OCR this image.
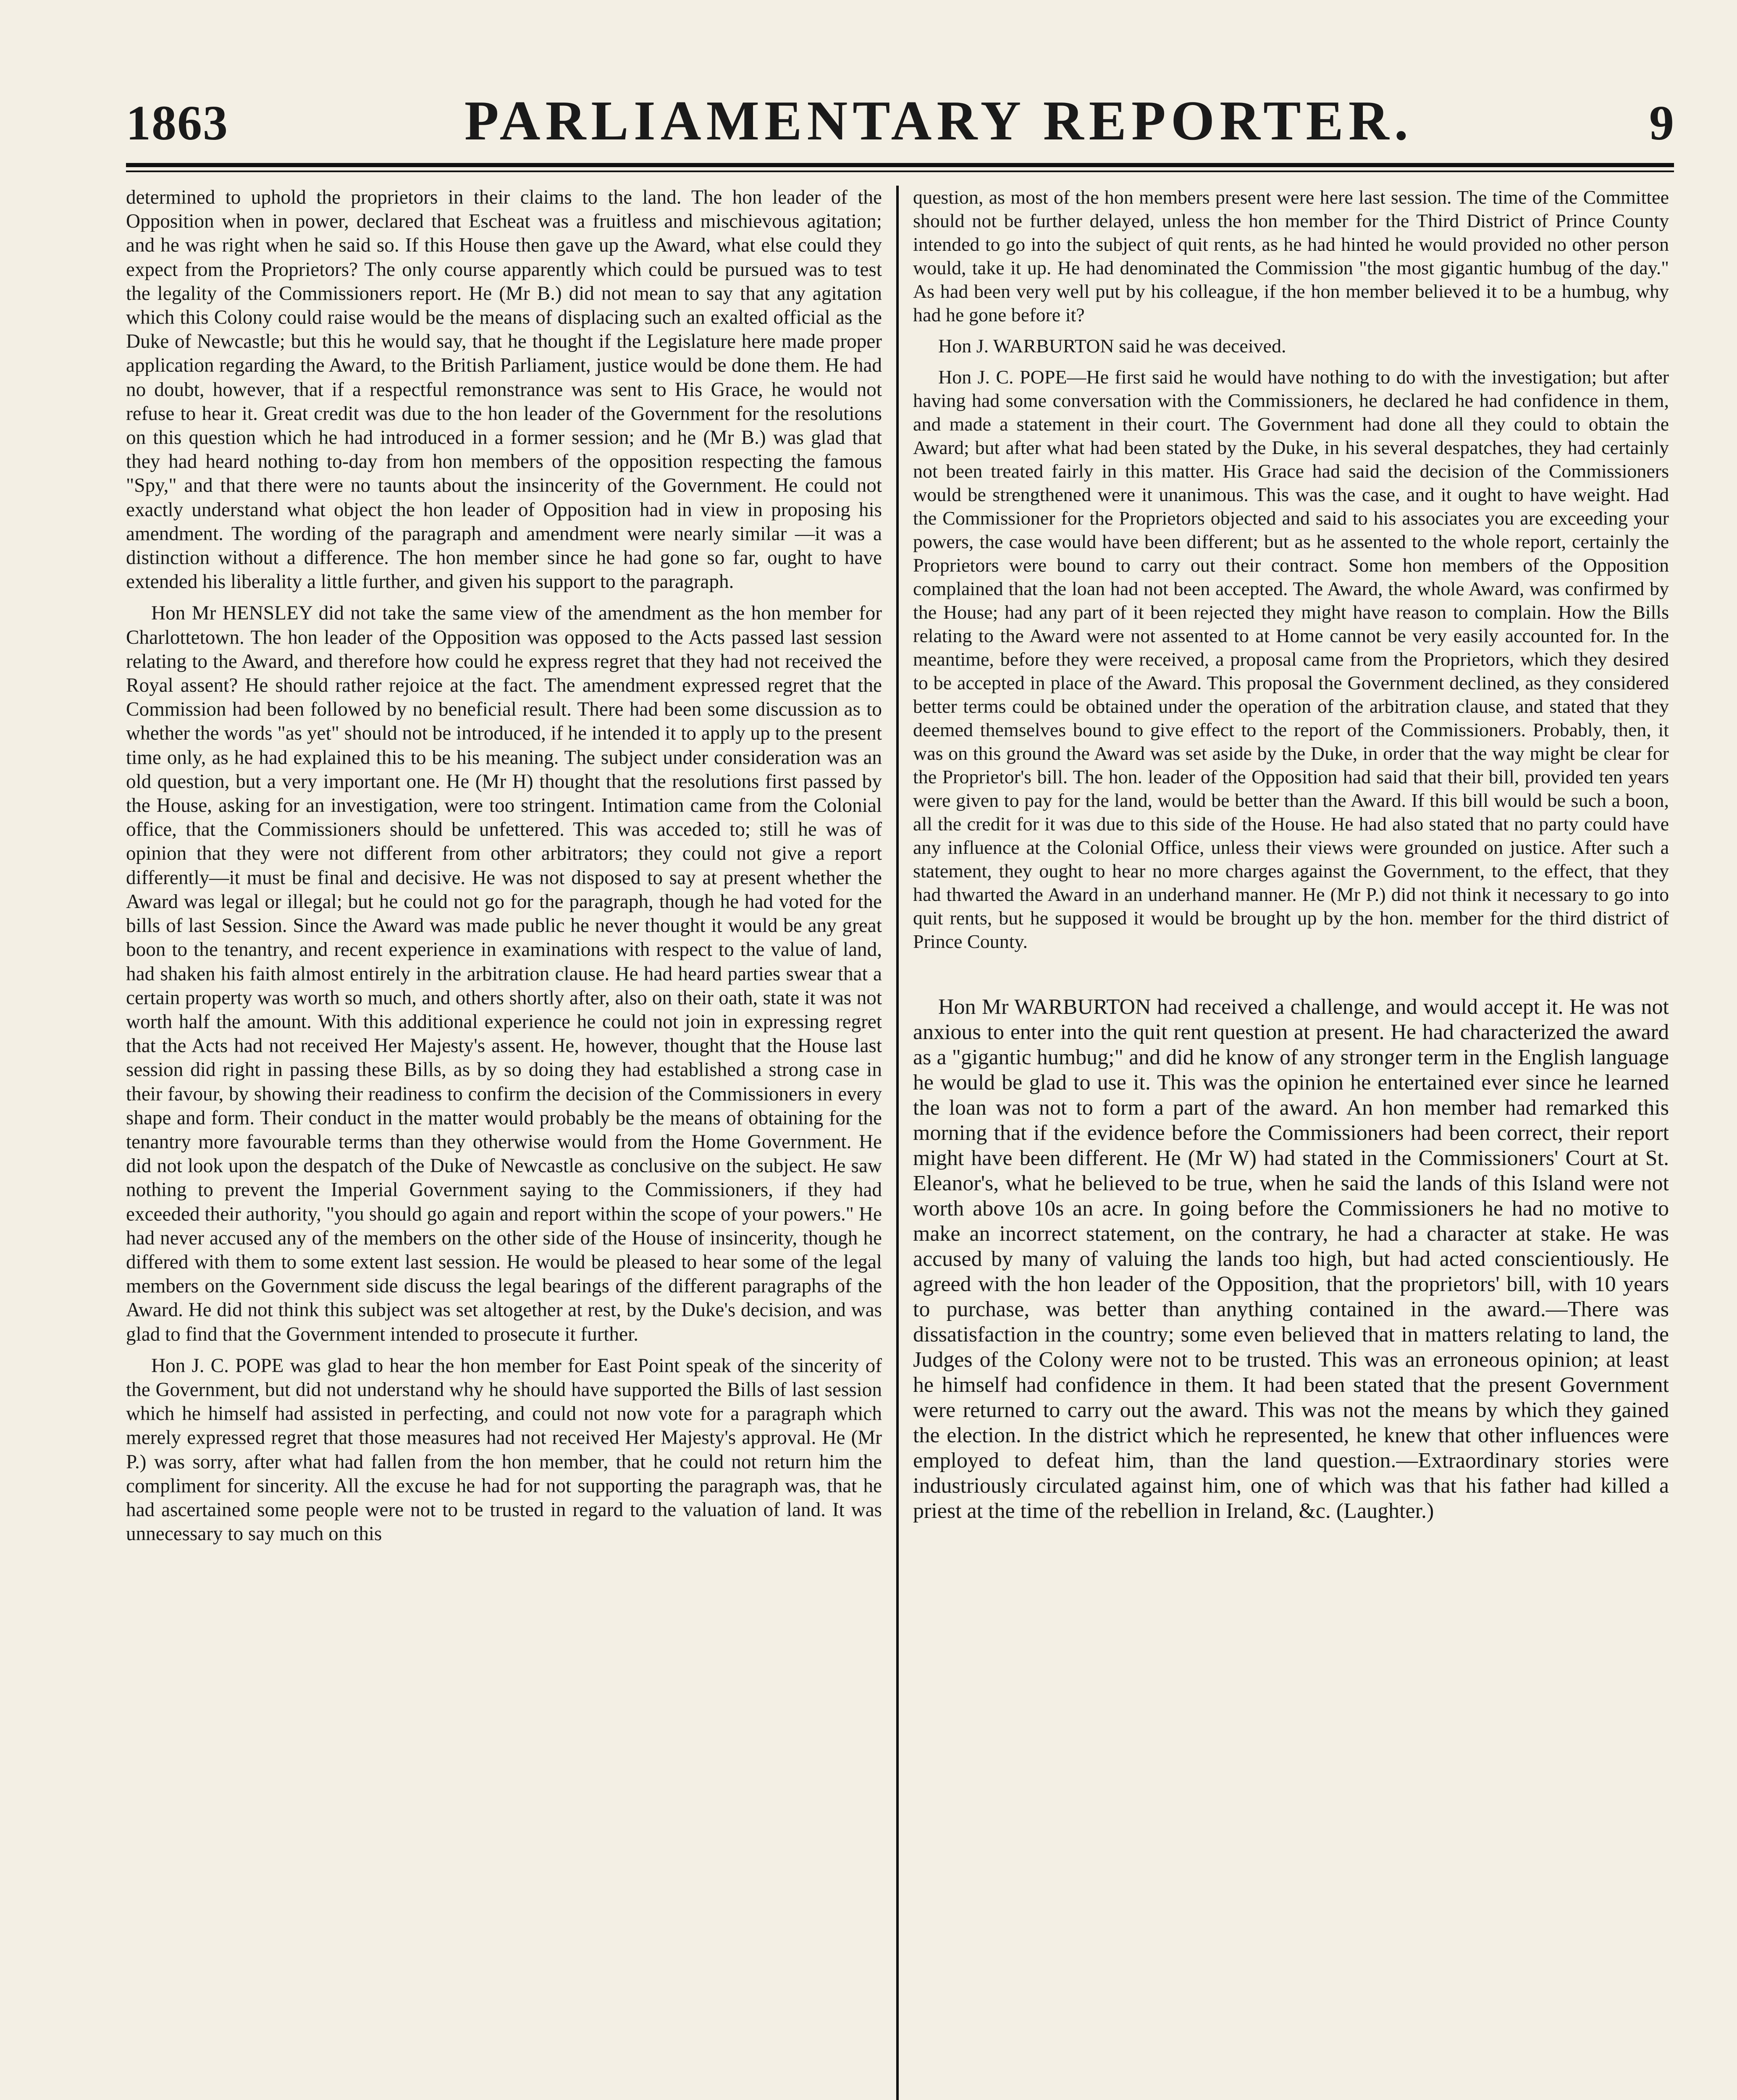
1863	PARLIAMENTARY REPORTER.	9

determined to uphold the proprietors in their claims to the land. The hon leader of the Opposition when in power, declared that Escheat was a fruitless and mischievous agitation; and he was right when he said so. If this House then gave up the Award, what else could they expect from the Proprietors? The only course apparently which could be pursued was to test the legality of the Commissioners report. He (Mr B.) did not mean to say that any agitation which this Colony could raise would be the means of displacing such an exalted official as the Duke of Newcastle; but this he would say, that he thought if the Legislature here made proper application regarding the Award, to the British Parliament, justice would be done them. He had no doubt, however, that if a respectful remonstrance was sent to His Grace, he would not refuse to hear it. Great credit was due to the hon leader of the Government for the resolutions on this question which he had introduced in a former session; and he (Mr B.) was glad that they had heard nothing to-day from hon members of the opposition respecting the famous "Spy," and that there were no taunts about the insincerity of the Government. He could not exactly understand what object the hon leader of Opposition had in view in proposing his amendment. The wording of the paragraph and amendment were nearly similar —it was a distinction without a difference. The hon member since he had gone so far, ought to have extended his liberality a little further, and given his support to the paragraph.

Hon Mr HENSLEY did not take the same view of the amendment as the hon member for Charlottetown. The hon leader of the Opposition was opposed to the Acts passed last session relating to the Award, and therefore how could he express regret that they had not received the Royal assent? He should rather rejoice at the fact. The amendment expressed regret that the Commission had been followed by no beneficial result. There had been some discussion as to whether the words "as yet" should not be introduced, if he intended it to apply up to the present time only, as he had explained this to be his meaning. The subject under consideration was an old question, but a very important one. He (Mr H) thought that the resolutions first passed by the House, asking for an investigation, were too stringent. Intimation came from the Colonial office, that the Commissioners should be unfettered. This was acceded to; still he was of opinion that they were not different from other arbitrators; they could not give a report differently—it must be final and decisive. He was not disposed to say at present whether the Award was legal or illegal; but he could not go for the paragraph, though he had voted for the bills of last Session. Since the Award was made public he never thought it would be any great boon to the tenantry, and recent experience in examinations with respect to the value of land, had shaken his faith almost entirely in the arbitration clause. He had heard parties swear that a certain property was worth so much, and others shortly after, also on their oath, state it was not worth half the amount. With this additional experience he could not join in expressing regret that the Acts had not received Her Majesty's assent. He, however, thought that the House last session did right in passing these Bills, as by so doing they had established a strong case in their favour, by showing their readiness to confirm the decision of the Commissioners in every shape and form. Their conduct in the matter would probably be the means of obtaining for the tenantry more favourable terms than they otherwise would from the Home Government. He did not look upon the despatch of the Duke of Newcastle as conclusive on the subject. He saw nothing to prevent the Imperial Government saying to the Commissioners, if they had exceeded their authority, "you should go again and report within the scope of your powers." He had never accused any of the members on the other side of the House of insincerity, though he differed with them to some extent last session. He would be pleased to hear some of the legal members on the Government side discuss the legal bearings of the different paragraphs of the Award. He did not think this subject was set altogether at rest, by the Duke's decision, and was glad to find that the Government intended to prosecute it further.

Hon J. C. POPE was glad to hear the hon member for East Point speak of the sincerity of the Government, but did not understand why he should have supported the Bills of last session which he himself had assisted in perfecting, and could not now vote for a paragraph which merely expressed regret that those measures had not received Her Majesty's approval. He (Mr P.) was sorry, after what had fallen from the hon member, that he could not return him the compliment for sincerity. All the excuse he had for not supporting the paragraph was, that he had ascertained some people were not to be trusted in regard to the valuation of land. It was unnecessary to say much on this

question, as most of the hon members present were here last session. The time of the Committee should not be further delayed, unless the hon member for the Third District of Prince County intended to go into the subject of quit rents, as he had hinted he would provided no other person would, take it up. He had denominated the Commission "the most gigantic humbug of the day." As had been very well put by his colleague, if the hon member believed it to be a humbug, why had he gone before it?

Hon J. WARBURTON said he was deceived.

Hon J. C. POPE—He first said he would have nothing to do with the investigation; but after having had some conversation with the Commissioners, he declared he had confidence in them, and made a statement in their court. The Government had done all they could to obtain the Award; but after what had been stated by the Duke, in his several despatches, they had certainly not been treated fairly in this matter. His Grace had said the decision of the Commissioners would be strengthened were it unanimous. This was the case, and it ought to have weight. Had the Commissioner for the Proprietors objected and said to his associates you are exceeding your powers, the case would have been different; but as he assented to the whole report, certainly the Proprietors were bound to carry out their contract. Some hon members of the Opposition complained that the loan had not been accepted. The Award, the whole Award, was confirmed by the House; had any part of it been rejected they might have reason to complain. How the Bills relating to the Award were not assented to at Home cannot be very easily accounted for. In the meantime, before they were received, a proposal came from the Proprietors, which they desired to be accepted in place of the Award. This proposal the Government declined, as they considered better terms could be obtained under the operation of the arbitration clause, and stated that they deemed themselves bound to give effect to the report of the Commissioners. Probably, then, it was on this ground the Award was set aside by the Duke, in order that the way might be clear for the Proprietor's bill. The hon. leader of the Opposition had said that their bill, provided ten years were given to pay for the land, would be better than the Award. If this bill would be such a boon, all the credit for it was due to this side of the House. He had also stated that no party could have any influence at the Colonial Office, unless their views were grounded on justice. After such a statement, they ought to hear no more charges against the Government, to the effect, that they had thwarted the Award in an underhand manner. He (Mr P.) did not think it necessary to go into quit rents, but he supposed it would be brought up by the hon. member for the third district of Prince County.

Hon Mr WARBURTON had received a challenge, and would accept it. He was not anxious to enter into the quit rent question at present. He had characterized the award as a "gigantic humbug;" and did he know of any stronger term in the English language he would be glad to use it. This was the opinion he entertained ever since he learned the loan was not to form a part of the award. An hon member had remarked this morning that if the evidence before the Commissioners had been correct, their report might have been different. He (Mr W) had stated in the Commissioners' Court at St. Eleanor's, what he believed to be true, when he said the lands of this Island were not worth above 10s an acre. In going before the Commissioners he had no motive to make an incorrect statement, on the contrary, he had a character at stake. He was accused by many of valuing the lands too high, but had acted conscientiously. He agreed with the hon leader of the Opposition, that the proprietors' bill, with 10 years to purchase, was better than anything contained in the award.—There was dissatisfaction in the country; some even believed that in matters relating to land, the Judges of the Colony were not to be trusted. This was an erroneous opinion; at least he himself had confidence in them. It had been stated that the present Government were returned to carry out the award. This was not the means by which they gained the election. In the district which he represented, he knew that other influences were employed to defeat him, than the land question.—Extraordinary stories were industriously circulated against him, one of which was that his father had killed a priest at the time of the rebellion in Ireland, &c. (Laughter.)
